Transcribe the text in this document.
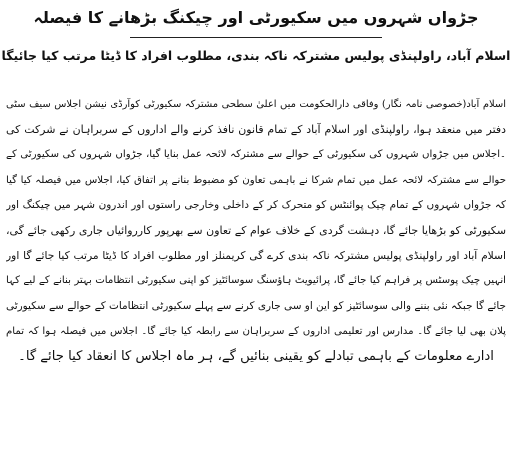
جڑواں شہروں میں سکیورٹی اور چیکنگ بڑھانے کا فیصلہ
اسلام آباد، راولپنڈی پولیس مشترکہ ناکہ بندی، مطلوب افراد کا ڈیٹا مرتب کیا جائیگا
اسلام آباد(خصوصی نامہ نگار) وفاقی دارالحکومت میں اعلیٰ سطحی مشترکہ سکیورٹی کوآرڈی نیشن اجلاس سیف سٹی
دفتر میں منعقد ہوا، راولپنڈی اور اسلام آباد کے تمام قانون نافذ کرنے والے اداروں کے سربراہان نے شرکت کی
۔اجلاس میں جڑواں شہروں کی سکیورٹی کے حوالے سے مشترکہ لائحہ عمل بنایا گیا، جڑواں شہروں کی سکیورٹی کے
حوالے سے مشترکہ لائحہ عمل میں تمام شرکا نے باہمی تعاون کو مضبوط بنانے پر اتفاق کیا، اجلاس میں فیصلہ کیا گیا
کہ جڑواں شہروں کے تمام چیک پوائنٹس کو متحرک کر کے داخلی وخارجی راستوں اور اندرون شہر میں چیکنگ اور
سکیورٹی کو بڑھایا جائے گا، دہشت گردی کے خلاف عوام کے تعاون سے بھرپور کارروائیاں جاری رکھی جائے گی،
اسلام آباد اور راولپنڈی پولیس مشترکہ ناکہ بندی کرے گی کریمنلز اور مطلوب افراد کا ڈیٹا مرتب کیا جائے گا اور
انہیں چیک پوسٹس پر فراہم کیا جائے گا، پرائیویٹ ہاؤسنگ سوسائٹیز کو اپنی سکیورٹی انتظامات بہتر بنانے کے لیے کہا
جائے گا جبکہ نئی بننے والی سوسائٹیز کو این او سی جاری کرنے سے پہلے سکیورٹی انتظامات کے حوالے سے سکیورٹی
پلان بھی لیا جائے گا۔ مدارس اور تعلیمی اداروں کے سربراہان سے رابطہ کیا جائے گا۔ اجلاس میں فیصلہ ہوا کہ تمام
ادارے معلومات کے باہمی تبادلے کو یقینی بنائیں گے، ہر ماہ اجلاس کا انعقاد کیا جائے گا۔
